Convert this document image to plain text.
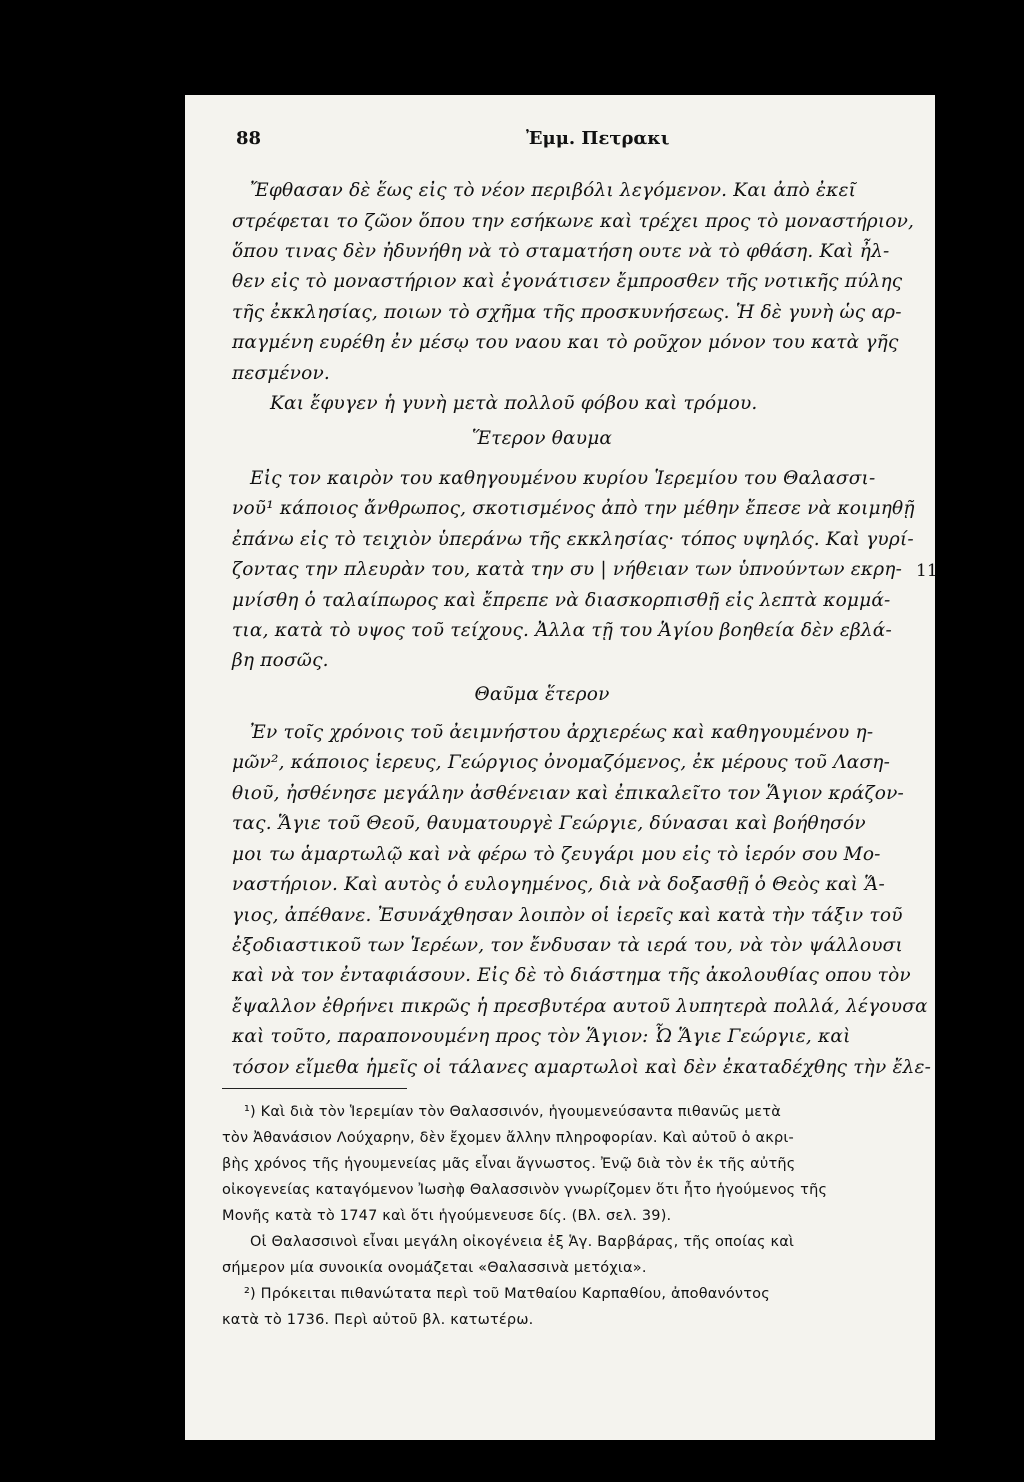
88	Ἐμμ. Πετρακι
Ἔφθασαν δὲ ἕως εἰς τὸ νέον περιβόλι λεγόμενον. Και ἀπὸ ἐκεῖ
στρέφεται το ζῶον ὅπου την εσήκωνε καὶ τρέχει προς τὸ μοναστήριον,
ὅπου τινας δὲν ἠδυνήθη νὰ τὸ σταματήση ουτε νὰ τὸ φθάση. Καὶ ἦλ-
θεν εἰς τὸ μοναστήριον καὶ ἐγονάτισεν ἔμπροσθεν τῆς νοτικῆς πύλης
τῆς ἐκκλησίας, ποιων τὸ σχῆμα τῆς προσκυνήσεως. Ἡ δὲ γυνὴ ὡς αρ-
παγμένη ευρέθη ἐν μέσῳ του ναου και τὸ ροῦχον μόνον του κατὰ γῆς
πεσμένον.
Και ἔφυγεν ἡ γυνὴ μετὰ πολλοῦ φόβου καὶ τρόμου.
Ἕτερον θαυμα
Εἰς τον καιρὸν του καθηγουμένου κυρίου Ἱερεμίου του Θαλασσι-
νοῦ¹ κάποιος ἄνθρωπος, σκοτισμένος ἀπὸ την μέθην ἔπεσε νὰ κοιμηθῇ
ἐπάνω εἰς τὸ τειχιὸν ὑπεράνω τῆς εκκλησίας· τόπος υψηλός. Καὶ γυρί-
ζοντας την πλευρὰν του, κατὰ την συ | νήθειαν των ὑπνούντων εκρη-
μνίσθη ὁ ταλαίπωρος καὶ ἔπρεπε νὰ διασκορπισθῇ εἰς λεπτὰ κομμά-
τια, κατὰ τὸ υψος τοῦ τείχους. Ἀλλα τῇ του Ἁγίου βοηθεία δὲν εβλά-
βη ποσῶς.
11
Θαῦμα ἕτερον
Ἐν τοῖς χρόνοις τοῦ ἀειμνήστου ἀρχιερέως καὶ καθηγουμένου η-
μῶν², κάποιος ἱερευς, Γεώργιος ὀνομαζόμενος, ἐκ μέρους τοῦ Λαση-
θιοῦ, ἠσθένησε μεγάλην ἀσθένειαν καὶ ἐπικαλεῖτο τον Ἅγιον κράζον-
τας. Ἅγιε τοῦ Θεοῦ, θαυματουργὲ Γεώργιε, δύνασαι καὶ βοήθησόν
μοι τω ἁμαρτωλῷ καὶ νὰ φέρω τὸ ζευγάρι μου εἰς τὸ ἱερόν σου Μο-
ναστήριον. Καὶ αυτὸς ὁ ευλογημένος, διὰ νὰ δοξασθῇ ὁ Θεὸς καὶ Ἅ-
γιος, ἀπέθανε. Ἐσυνάχθησαν λοιπὸν οἱ ἱερεῖς καὶ κατὰ τὴν τάξιν τοῦ
ἐξοδιαστικοῦ των Ἱερέων, τον ἔνδυσαν τὰ ιερά του, νὰ τὸν ψάλλουσι
καὶ νὰ τον ἐνταφιάσουν. Εἰς δὲ τὸ διάστημα τῆς ἀκολουθίας οπου τὸν
ἔψαλλον ἐθρήνει πικρῶς ἡ πρεσβυτέρα αυτοῦ λυπητερὰ πολλά, λέγουσα
καὶ τοῦτο, παραπονουμένη προς τὸν Ἅγιον: Ὦ Ἅγιε Γεώργιε, καὶ
τόσον εἴμεθα ἡμεῖς οἱ τάλανες αμαρτωλοὶ καὶ δὲν ἐκαταδέχθης τὴν ἔλε-
¹) Καὶ διὰ τὸν Ἱερεμίαν τὸν Θαλασσινόν, ἡγουμενεύσαντα πιθανῶς μετὰ
τὸν Ἀθανάσιον Λούχαρην, δὲν ἔχομεν ἄλλην πληροφορίαν. Καὶ αὐτοῦ ὁ ακρι-
βὴς χρόνος τῆς ἡγουμενείας μᾶς εἶναι ἄγνωστος. Ἐνῷ διὰ τὸν ἐκ τῆς αὐτῆς
οἰκογενείας καταγόμενον Ἰωσὴφ Θαλασσινὸν γνωρίζομεν ὅτι ἦτο ἡγούμενος τῆς
Μονῆς κατὰ τὸ 1747 καὶ ὅτι ἡγούμενευσε δίς. (Βλ. σελ. 39).
Οἱ Θαλασσινοὶ εἶναι μεγάλη οἰκογένεια ἐξ Ἁγ. Βαρβάρας, τῆς οποίας καὶ
σήμερον μία συνοικία ονομάζεται «Θαλασσινὰ μετόχια».
²) Πρόκειται πιθανώτατα περὶ τοῦ Ματθαίου Καρπαθίου, ἀποθανόντος
κατὰ τὸ 1736. Περὶ αὐτοῦ βλ. κατωτέρω.
